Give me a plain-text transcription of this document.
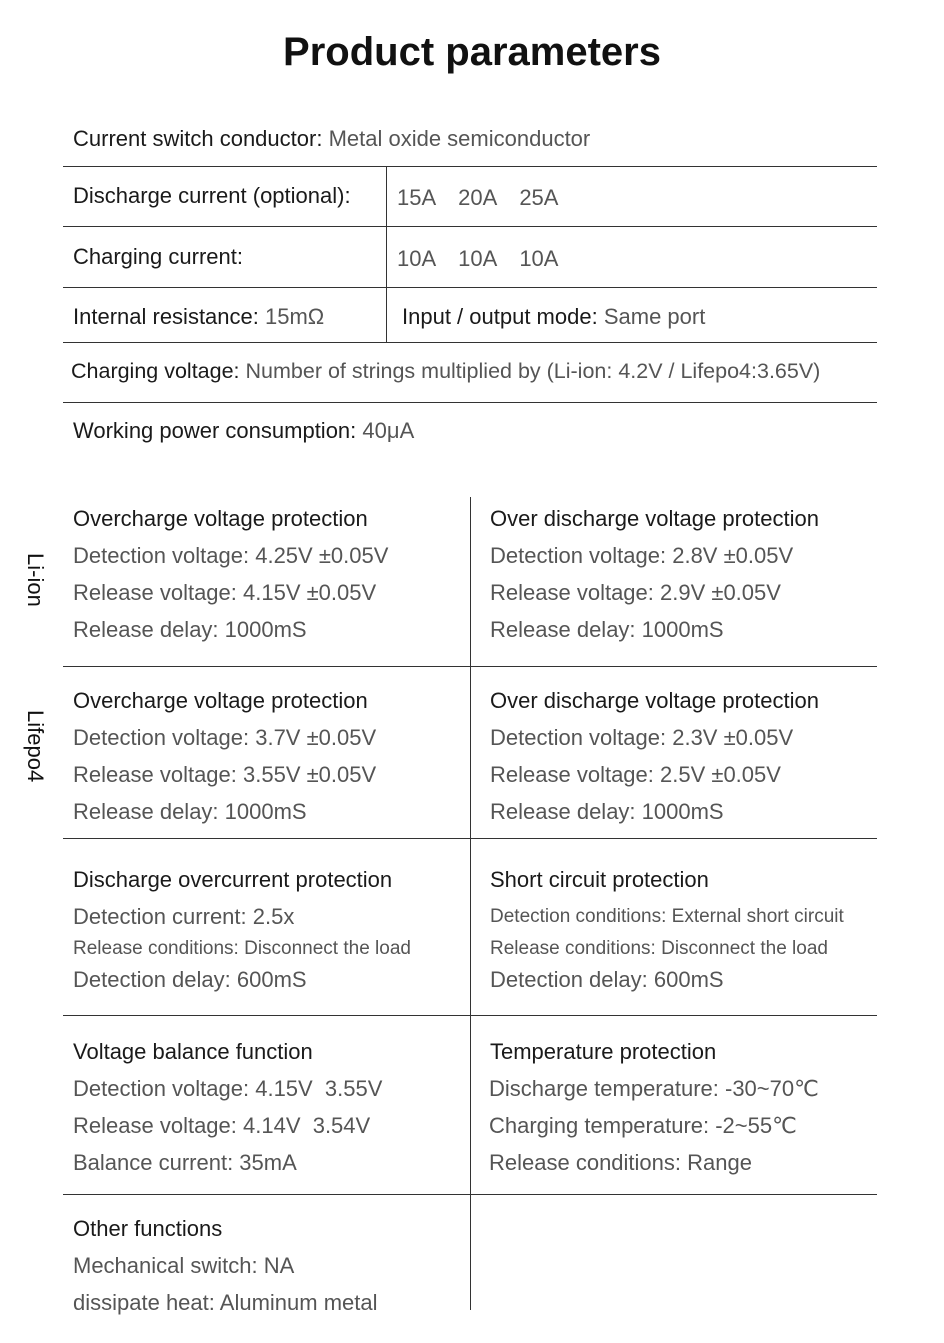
Product parameters
Current switch conductor: Metal oxide semiconductor
Discharge current (optional): 15A 20A 25A
Charging current:	10A 10A 10A
Internal resistance: 15mΩ	Input / output mode: Same port
Charging voltage: Number of strings multiplied by (Li-ion: 4.2V / Lifepo4:3.65V)
Working power consumption: 40μA
Li-ion
Lifepo4
Overcharge voltage protection
Detection voltage: 4.25V ±0.05V
Release voltage: 4.15V ±0.05V
Release delay: 1000mS
Over discharge voltage protection
Detection voltage: 2.8V ±0.05V
Release voltage: 2.9V ±0.05V
Release delay: 1000mS
Overcharge voltage protection
Detection voltage: 3.7V ±0.05V
Release voltage: 3.55V ±0.05V
Release delay: 1000mS
Over discharge voltage protection
Detection voltage: 2.3V ±0.05V
Release voltage: 2.5V ±0.05V
Release delay: 1000mS
Discharge overcurrent protection
Detection current: 2.5x
Release conditions: Disconnect the load
Detection delay: 600mS
Short circuit protection
Detection conditions: External short circuit
Release conditions: Disconnect the load
Detection delay: 600mS
Voltage balance function
Detection voltage: 4.15V  3.55V
Release voltage: 4.14V  3.54V
Balance current: 35mA
Temperature protection
Discharge temperature: -30~70℃
Charging temperature: -2~55℃
Release conditions: Range
Other functions
Mechanical switch: NA
dissipate heat: Aluminum metal
